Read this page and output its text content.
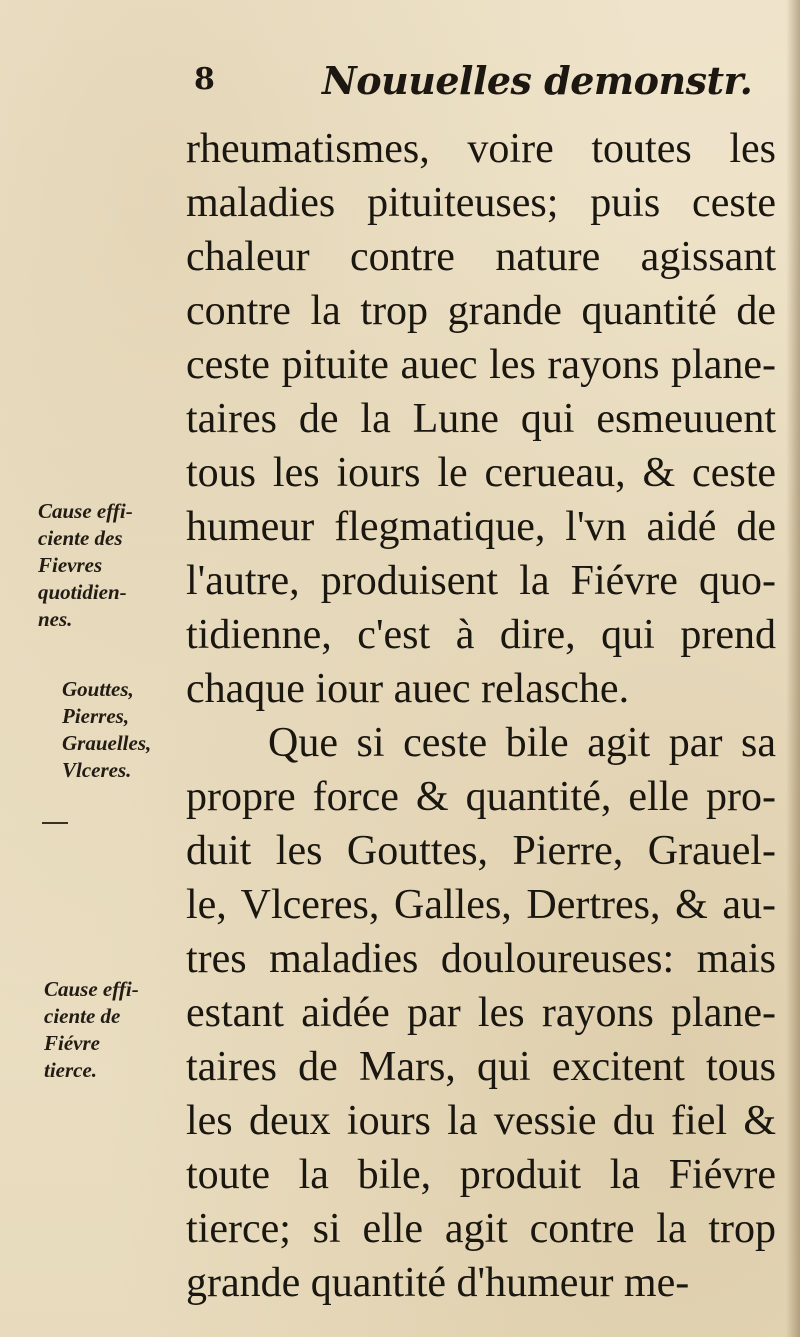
8	Nouuelles demonstr.
rheumatismes, voire toutes les
maladies pituiteuses; puis ceste
chaleur contre nature agissant
contre la trop grande quantité de
ceste pituite auec les rayons plane-
taires de la Lune qui esmeuuent
tous les iours le cerueau, & ceste
humeur flegmatique, l'vn aidé de
l'autre, produisent la Fiévre quo-
tidienne, c'est à dire, qui prend
chaque iour auec relasche.
Que si ceste bile agit par sa
propre force & quantité, elle pro-
duit les Gouttes, Pierre, Grauel-
le, Vlceres, Galles, Dertres, & au-
tres maladies douloureuses: mais
estant aidée par les rayons plane-
taires de Mars, qui excitent tous
les deux iours la vessie du fiel &
toute la bile, produit la Fiévre
tierce; si elle agit contre la trop
grande quantité d'humeur me-
Cause effi-
ciente des
Fievres
quotidien-
nes.
Gouttes,
Pierres,
Grauelles,
Vlceres.
Cause effi-
ciente de
Fiévre
tierce.
